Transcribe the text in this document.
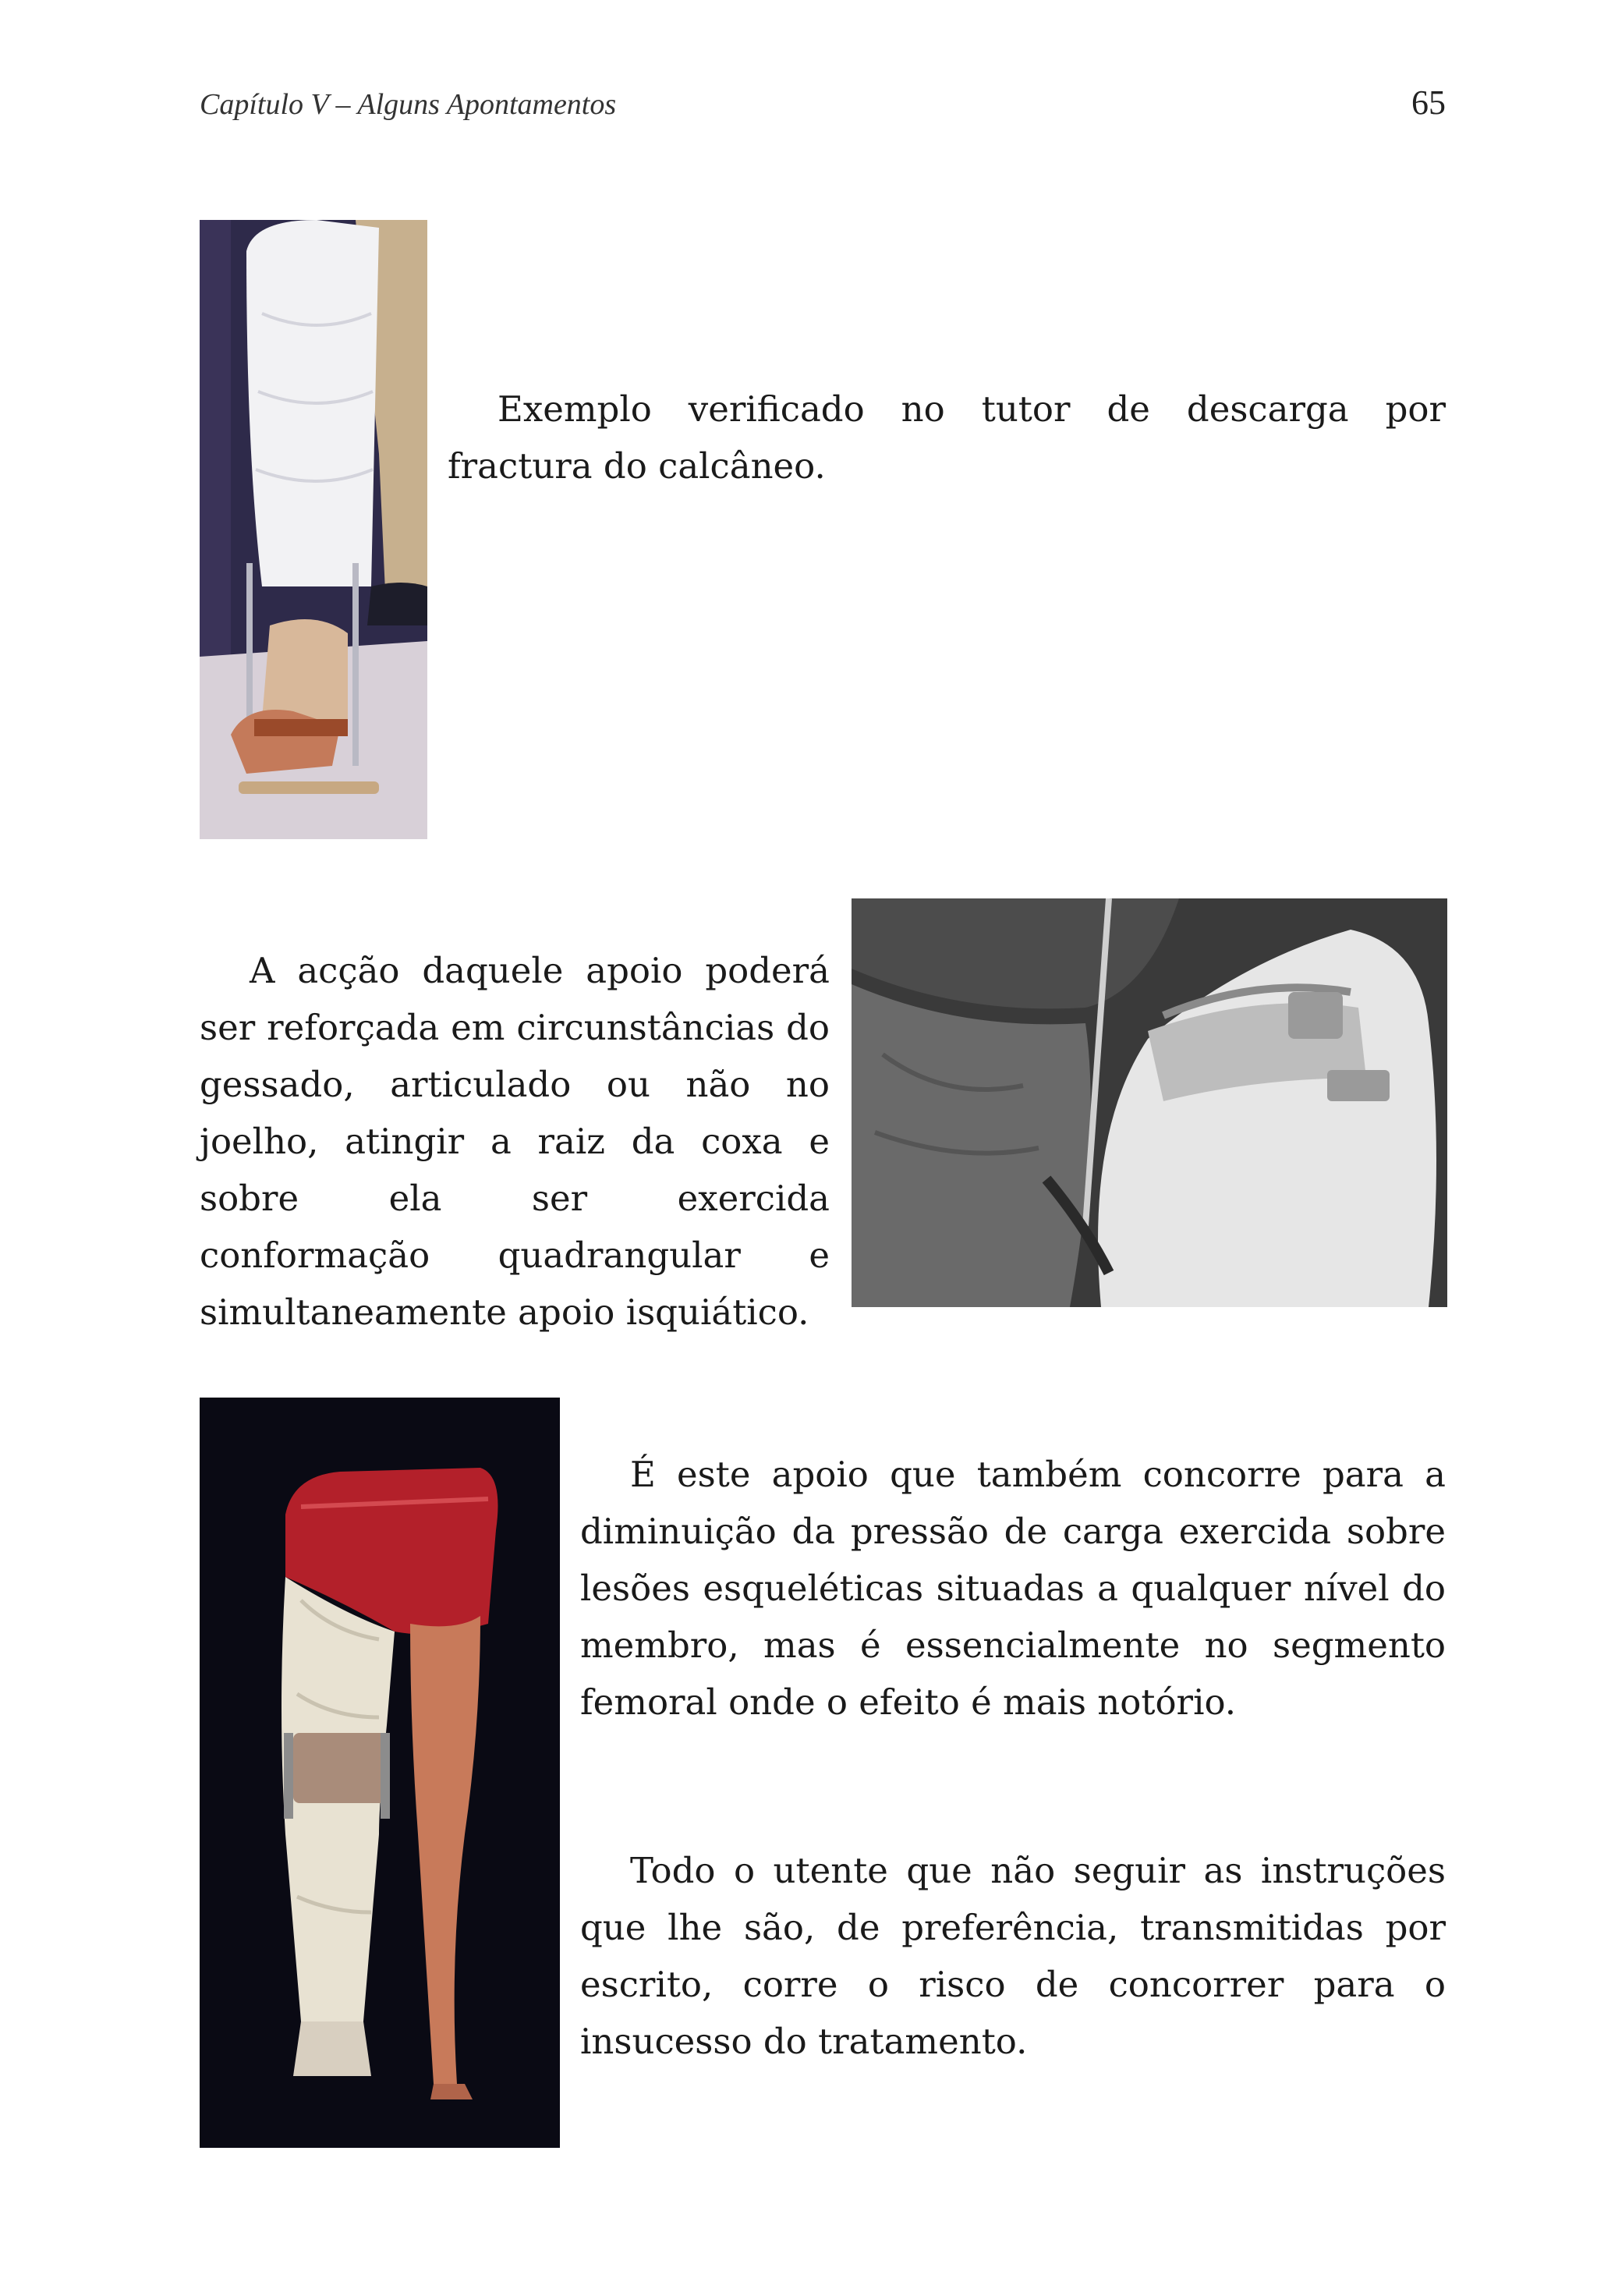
Capítulo V – Alguns Apontamentos	65

Exemplo verificado no tutor de descarga por fractura do calcâneo.

A acção daquele apoio poderá ser reforçada em circunstâncias do gessado, articulado ou não no joelho, atingir a raiz da coxa e sobre ela ser exercida conformação quadrangular e simultaneamente apoio isquiático.

É este apoio que também concorre para a diminuição da pressão de carga exercida sobre lesões esqueléticas situadas a qualquer nível do membro, mas é essencialmente no segmento femoral onde o efeito é mais notório.

Todo o utente que não seguir as instruções que lhe são, de preferência, transmitidas por escrito, corre o risco de concorrer para o insucesso do tratamento.
